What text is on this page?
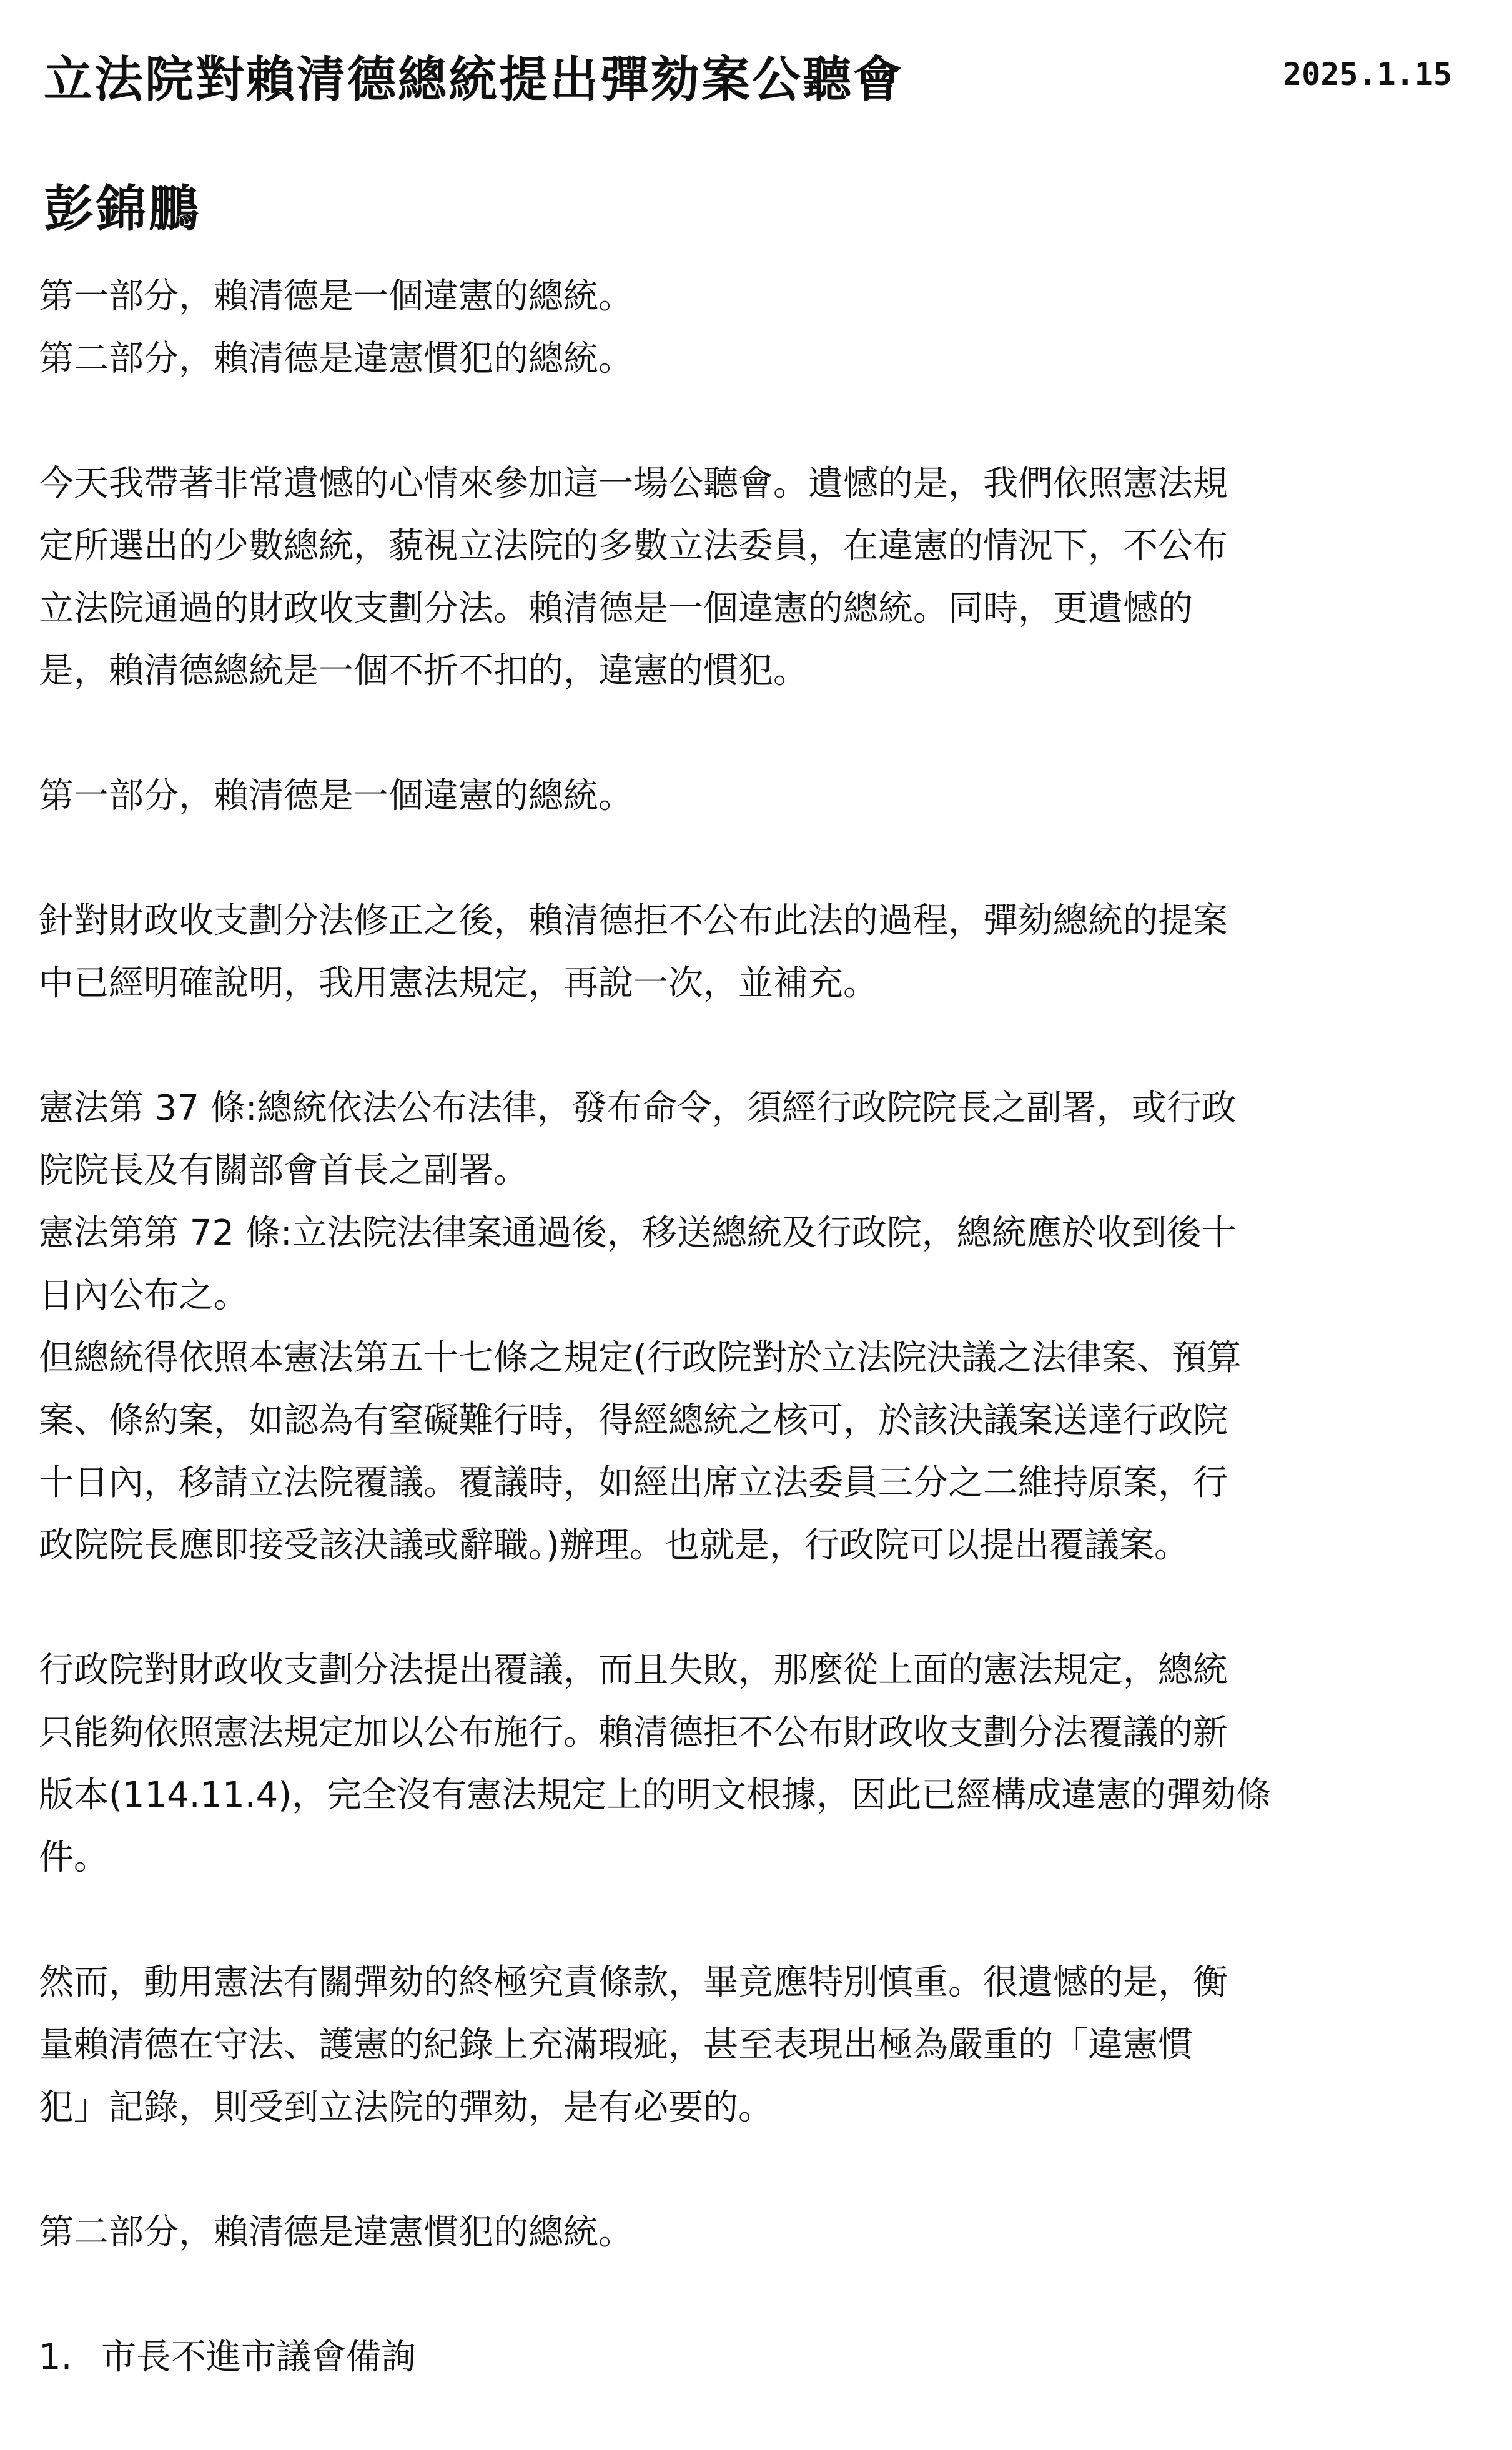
立法院對賴清德總統提出彈劾案公聽會	2025.1.15
彭錦鵬

第一部分，賴清德是一個違憲的總統。

第二部分，賴清德是違憲慣犯的總統。

今天我帶著非常遺憾的心情來參加這一場公聽會。遺憾的是，我們依照憲法規

定所選出的少數總統，藐視立法院的多數立法委員，在違憲的情況下，不公布

立法院通過的財政收支劃分法。賴清德是一個違憲的總統。同時，更遺憾的

是，賴清德總統是一個不折不扣的，違憲的慣犯。

第一部分，賴清德是一個違憲的總統。

針對財政收支劃分法修正之後，賴清德拒不公布此法的過程，彈劾總統的提案

中已經明確說明，我用憲法規定，再說一次，並補充。

憲法第 37 條:總統依法公布法律，發布命令，須經行政院院長之副署，或行政

院院長及有關部會首長之副署。

憲法第第 72 條:立法院法律案通過後，移送總統及行政院，總統應於收到後十

日內公布之。

但總統得依照本憲法第五十七條之規定(行政院對於立法院決議之法律案、預算

案、條約案，如認為有窒礙難行時，得經總統之核可，於該決議案送達行政院

十日內，移請立法院覆議。覆議時，如經出席立法委員三分之二維持原案，行

政院院長應即接受該決議或辭職。)辦理。也就是，行政院可以提出覆議案。

行政院對財政收支劃分法提出覆議，而且失敗，那麼從上面的憲法規定，總統

只能夠依照憲法規定加以公布施行。賴清德拒不公布財政收支劃分法覆議的新

版本(114.11.4)，完全沒有憲法規定上的明文根據，因此已經構成違憲的彈劾條

件。

然而，動用憲法有關彈劾的終極究責條款，畢竟應特別慎重。很遺憾的是，衡

量賴清德在守法、護憲的紀錄上充滿瑕疵，甚至表現出極為嚴重的「違憲慣

犯」記錄，則受到立法院的彈劾，是有必要的。

第二部分，賴清德是違憲慣犯的總統。

1. 市長不進市議會備詢
